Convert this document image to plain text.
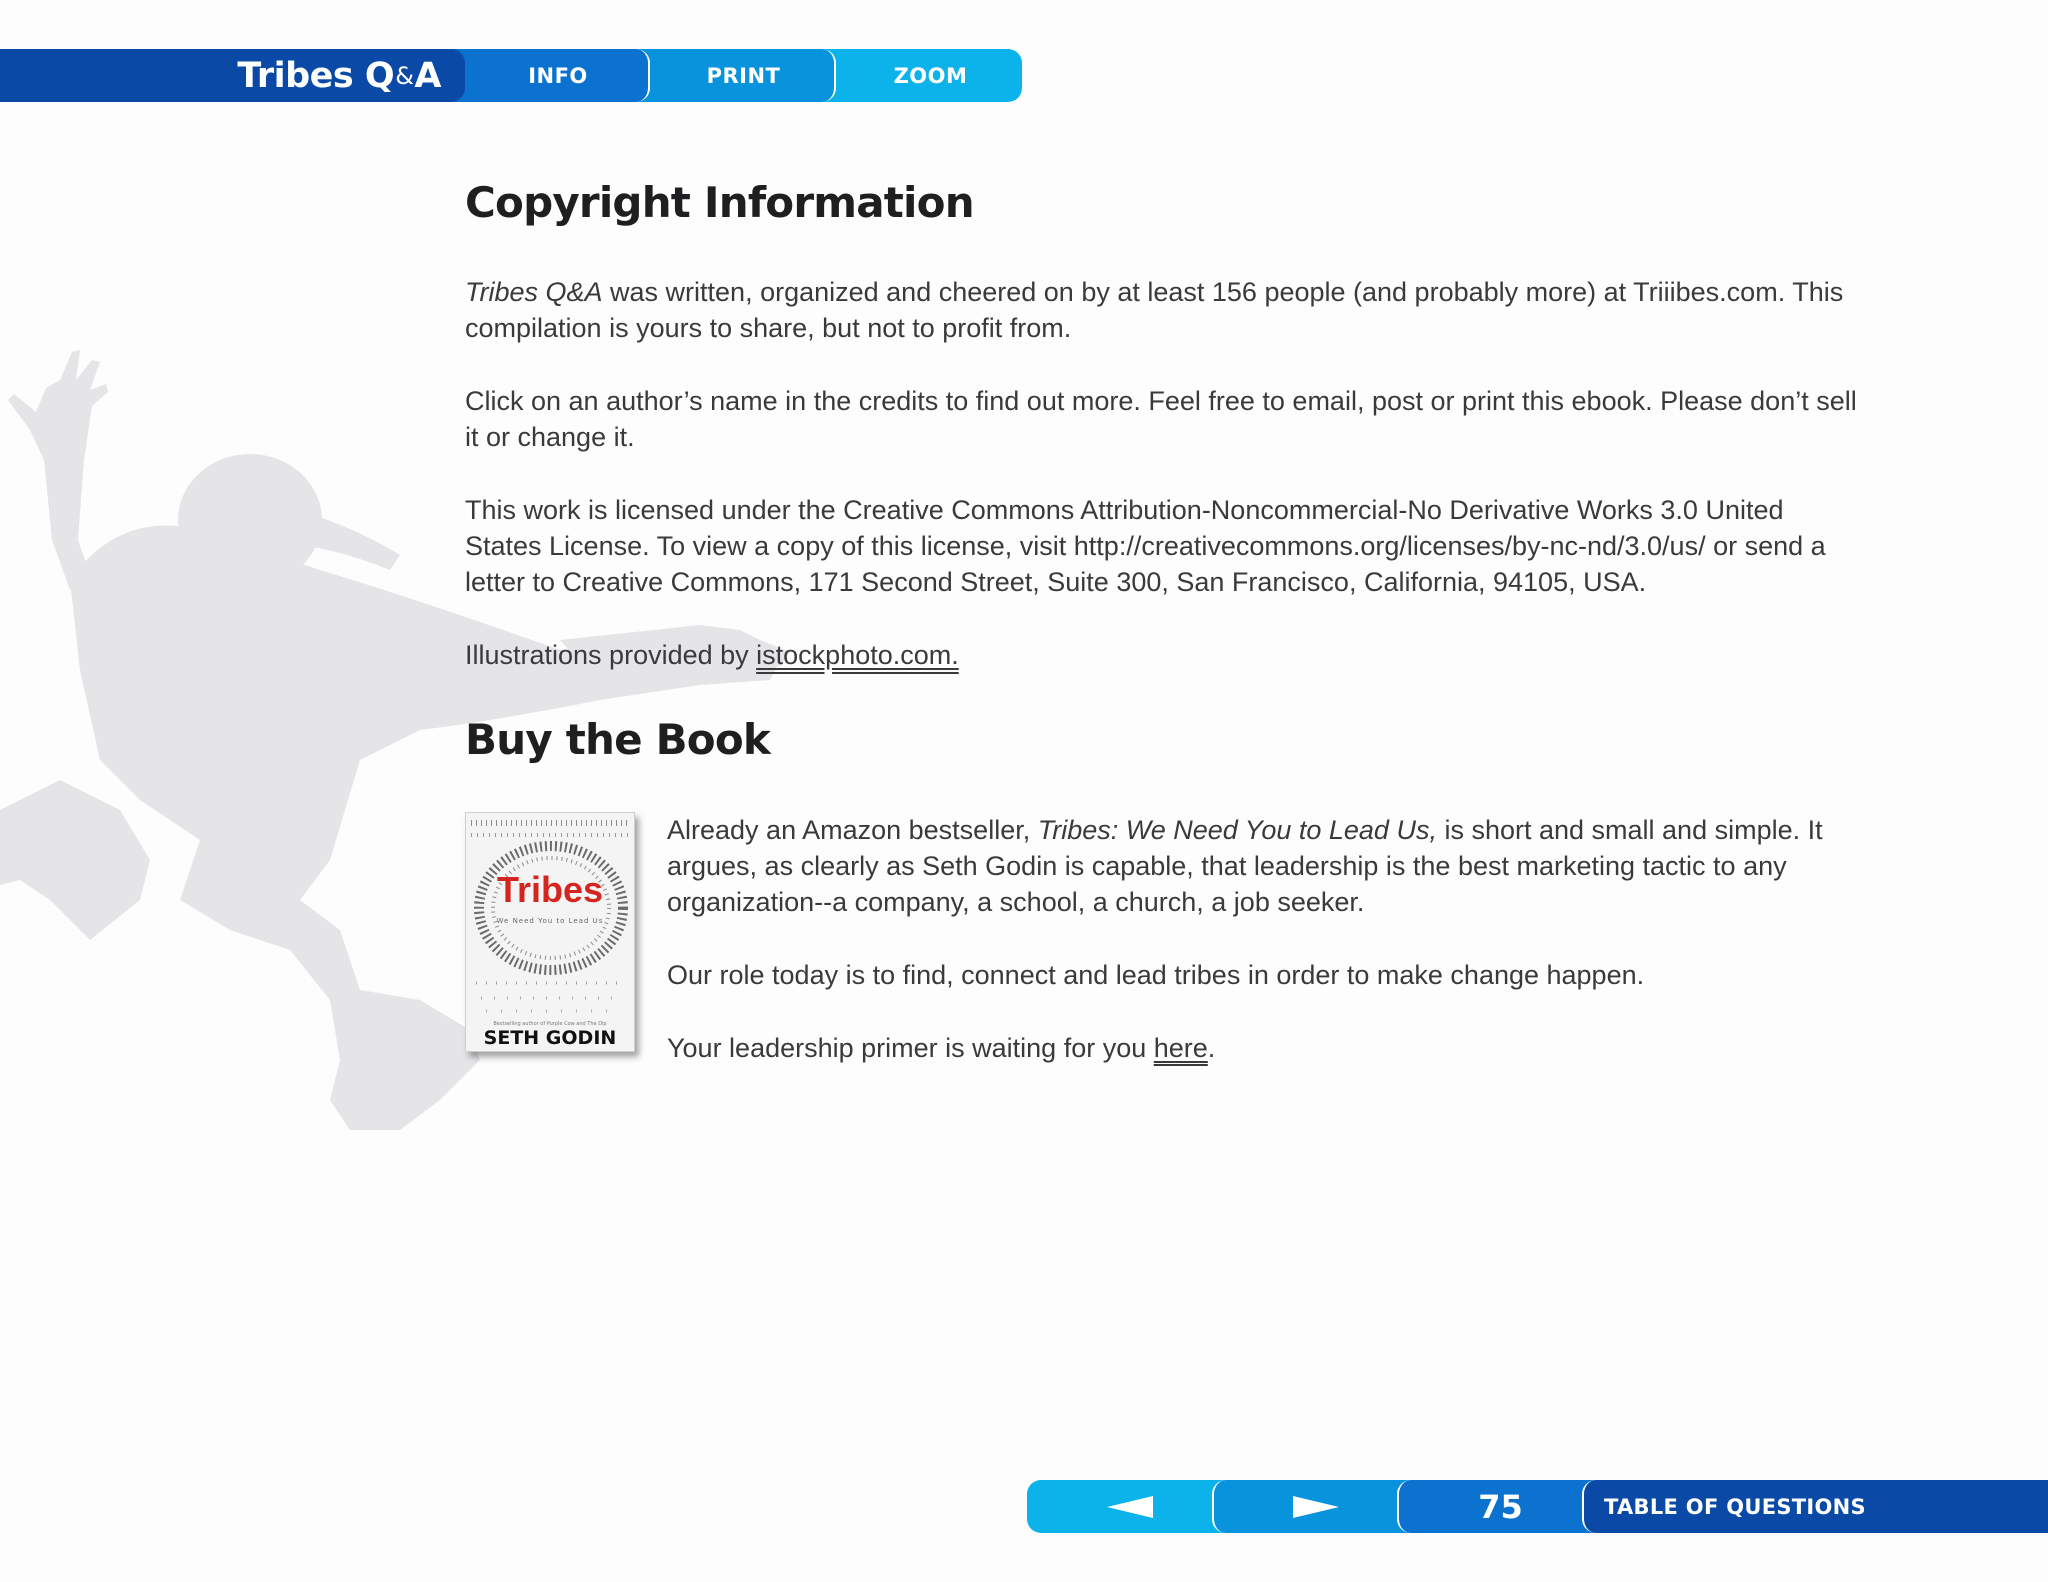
Tribes Q & A	INFO	PRINT	ZOOM
Copyright Information

Tribes Q&A was written, organized and cheered on by at least 156 people (and probably more) at Triiibes.com. This compilation is yours to share, but not to profit from.

Click on an author’s name in the credits to find out more. Feel free to email, post or print this ebook. Please don’t sell it or change it.

This work is licensed under the Creative Commons Attribution-Noncommercial-No Derivative Works 3.0 United States License. To view a copy of this license, visit http://creativecommons.org/licenses/by-nc-nd/3.0/us/ or send a letter to Creative Commons, 171 Second Street, Suite 300, San Francisco, California, 94105, USA.

Illustrations provided by istockphoto.com.

Buy the Book
Tribes
We Need You to Lead Us
Bestselling author of Purple Cow and The Dip
SETH GODIN

Already an Amazon bestseller, Tribes: We Need You to Lead Us, is short and small and simple. It argues, as clearly as Seth Godin is capable, that leadership is the best marketing tactic to any organization--a company, a school, a church, a job seeker.

Our role today is to find, connect and lead tribes in order to make change happen.

Your leadership primer is waiting for you here.

75	TABLE OF QUESTIONS
